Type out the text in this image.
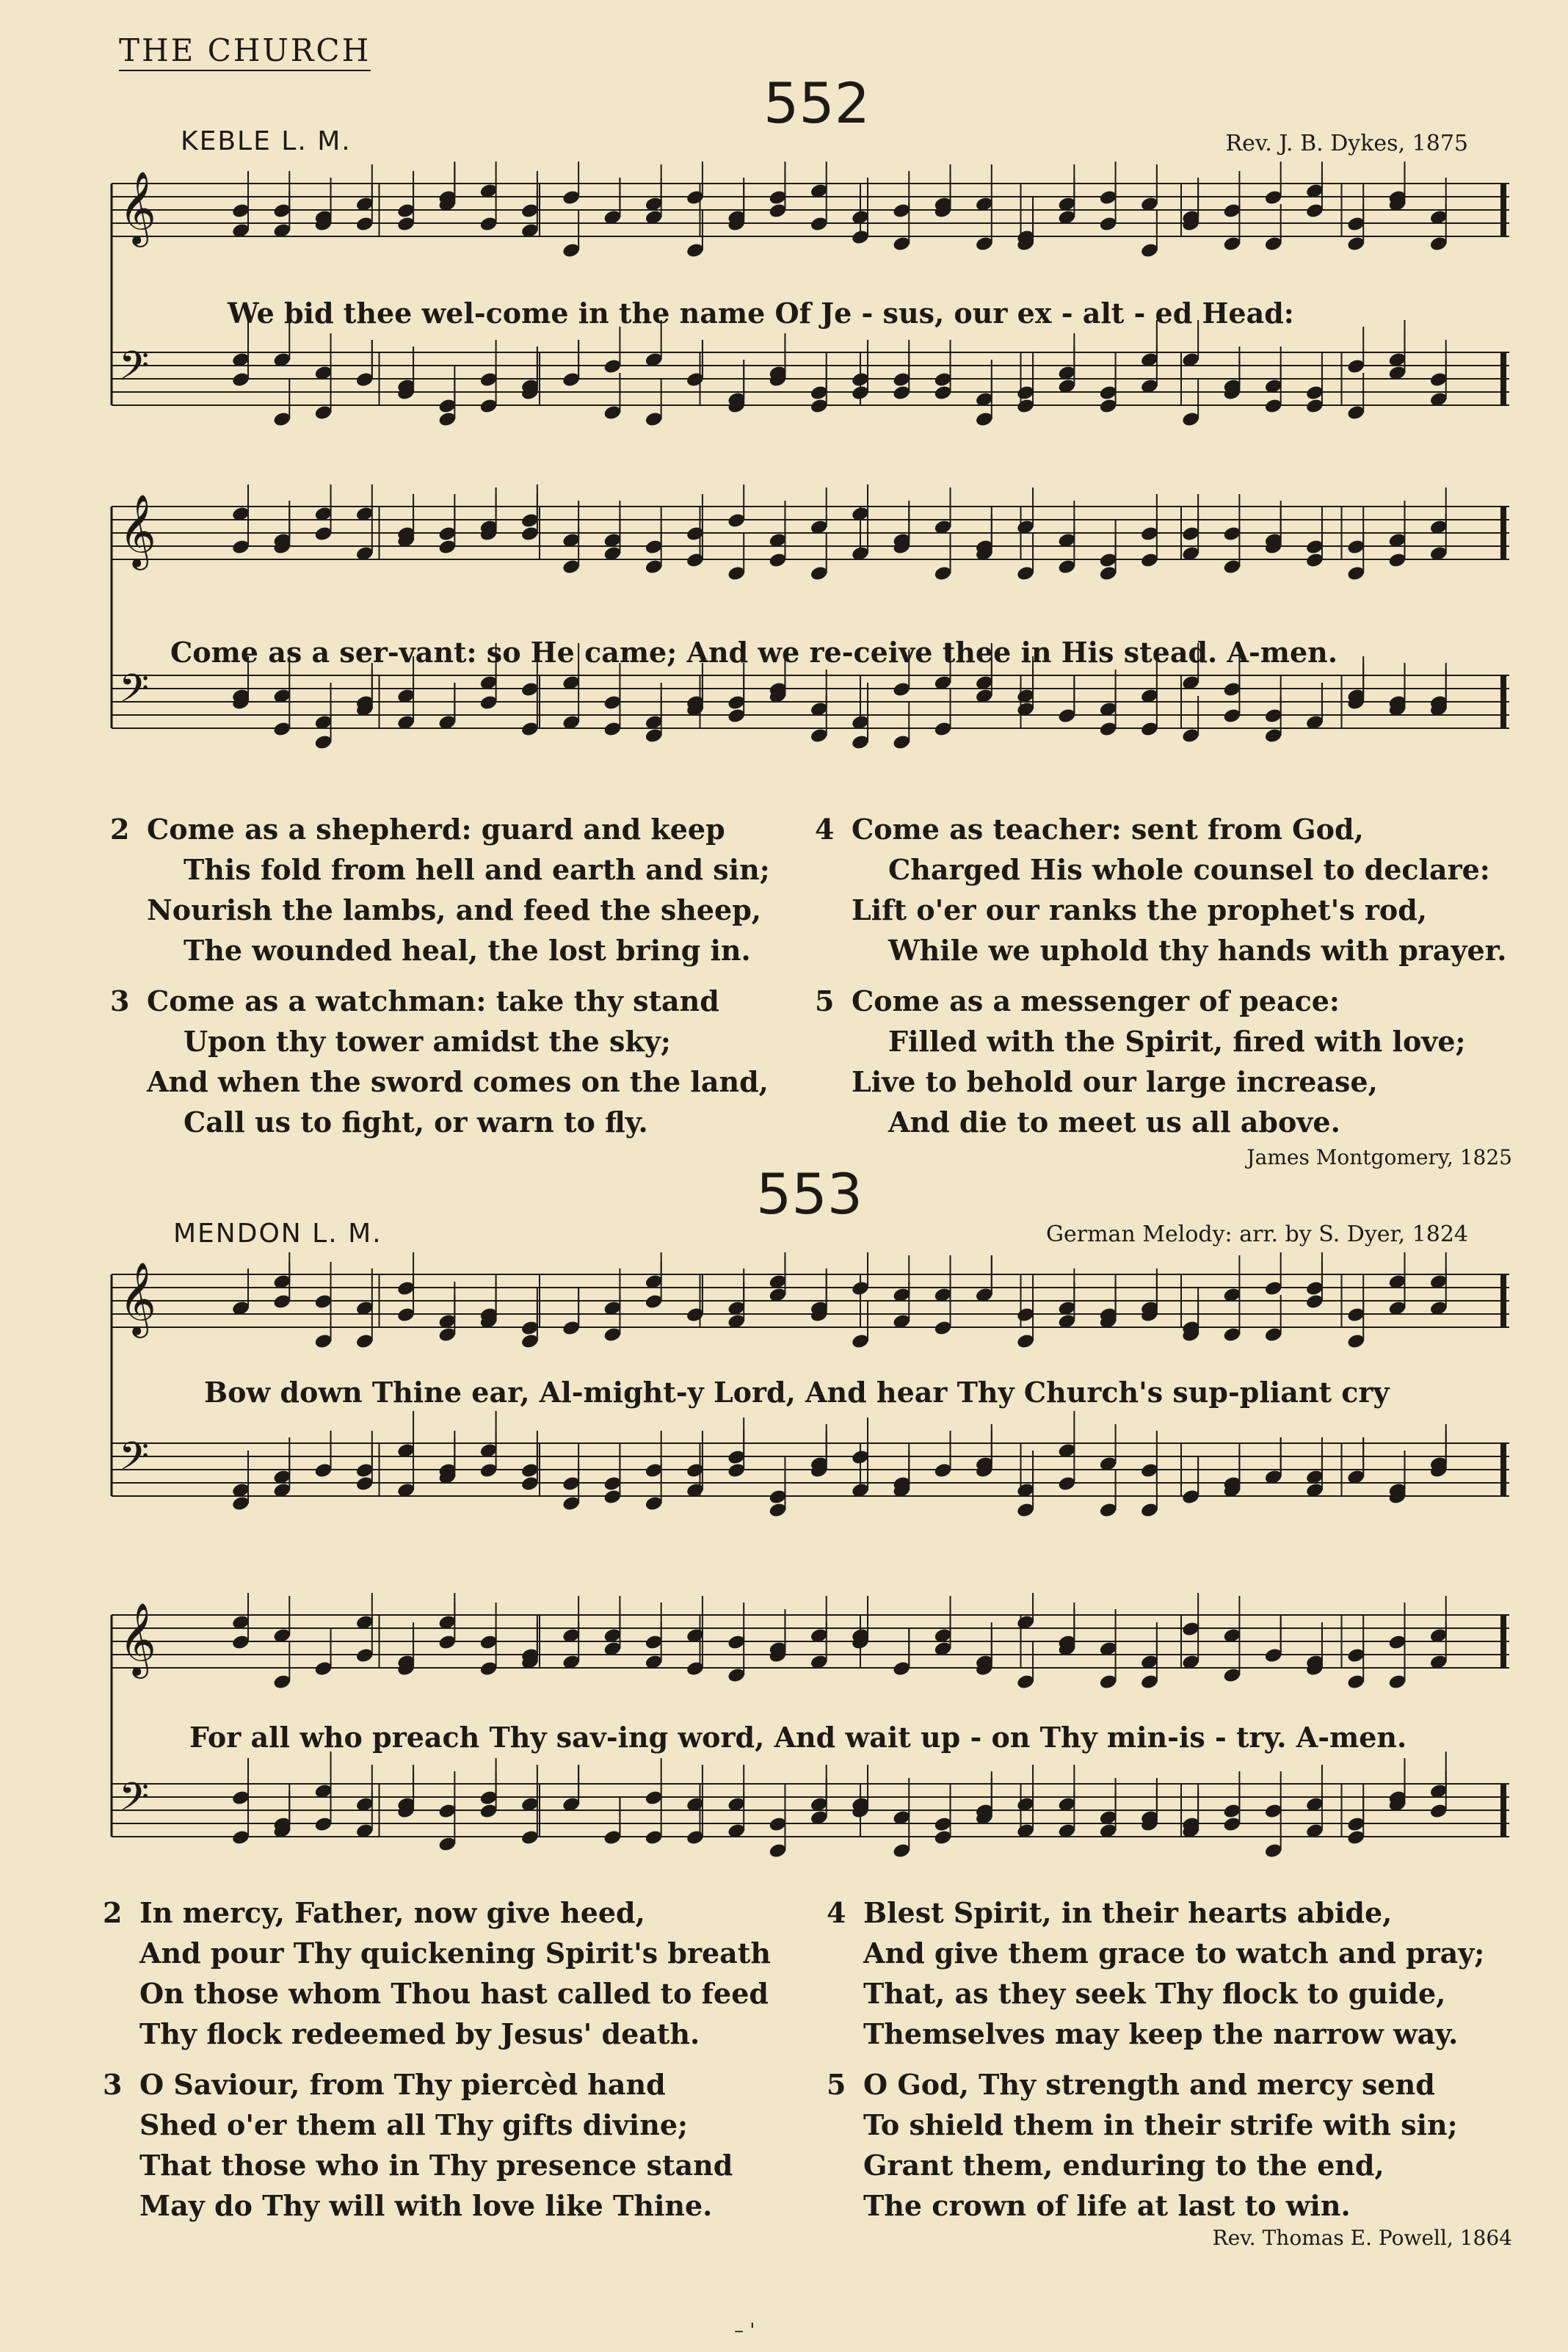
THE CHURCH
552
KEBLE L. M.	Rev. J. B. Dykes, 1875
𝄞
𝄢
We bid thee wel-come in the name Of Je - sus, our ex - alt - ed Head:
𝄞
𝄢
Come as a ser-vant: so He came; And we re-ceive thee in His stead. A-men.
2 Come as a shepherd: guard and keep
This fold from hell and earth and sin;
Nourish the lambs, and feed the sheep,
The wounded heal, the lost bring in.
3 Come as a watchman: take thy stand
Upon thy tower amidst the sky;
And when the sword comes on the land,
Call us to fight, or warn to fly.
4 Come as teacher: sent from God,
Charged His whole counsel to declare:
Lift o'er our ranks the prophet's rod,
While we uphold thy hands with prayer.
5 Come as a messenger of peace:
Filled with the Spirit, fired with love;
Live to behold our large increase,
And die to meet us all above.
James Montgomery, 1825
553
MENDON L. M.	German Melody: arr. by S. Dyer, 1824
𝄞
𝄢
Bow down Thine ear, Al-might-y Lord, And hear Thy Church's sup-pliant cry
𝄞
𝄢
For all who preach Thy sav-ing word, And wait up - on Thy min-is - try. A-men.
2 In mercy, Father, now give heed,
And pour Thy quickening Spirit's breath
On those whom Thou hast called to feed
Thy flock redeemed by Jesus' death.
3 O Saviour, from Thy piercèd hand
Shed o'er them all Thy gifts divine;
That those who in Thy presence stand
May do Thy will with love like Thine.
4 Blest Spirit, in their hearts abide,
And give them grace to watch and pray;
That, as they seek Thy flock to guide,
Themselves may keep the narrow way.
5 O God, Thy strength and mercy send
To shield them in their strife with sin;
Grant them, enduring to the end,
The crown of life at last to win.
Rev. Thomas E. Powell, 1864
– '
